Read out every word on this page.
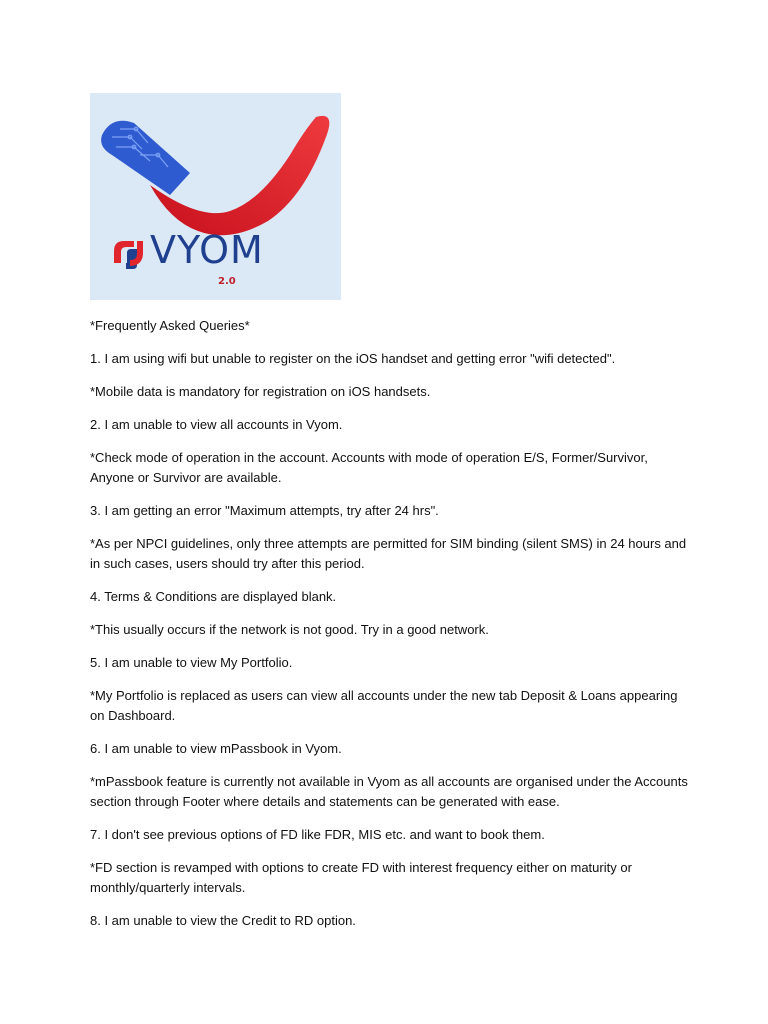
VYOM
2.0

*Frequently Asked Queries*

1. I am using wifi but unable to register on the iOS handset and getting error "wifi detected".

*Mobile data is mandatory for registration on iOS handsets.

2. I am unable to view all accounts in Vyom.

*Check mode of operation in the account. Accounts with mode of operation E/S, Former/Survivor, Anyone or Survivor are available.

3. I am getting an error "Maximum attempts, try after 24 hrs".

*As per NPCI guidelines, only three attempts are permitted for SIM binding (silent SMS) in 24 hours and in such cases, users should try after this period.

4. Terms & Conditions are displayed blank.

*This usually occurs if the network is not good. Try in a good network.

5. I am unable to view My Portfolio.

*My Portfolio is replaced as users can view all accounts under the new tab Deposit & Loans appearing on Dashboard.

6. I am unable to view mPassbook in Vyom.

*mPassbook feature is currently not available in Vyom as all accounts are organised under the Accounts section through Footer where details and statements can be generated with ease.

7. I don't see previous options of FD like FDR, MIS etc. and want to book them.

*FD section is revamped with options to create FD with interest frequency either on maturity or monthly/quarterly intervals.

8. I am unable to view the Credit to RD option.
